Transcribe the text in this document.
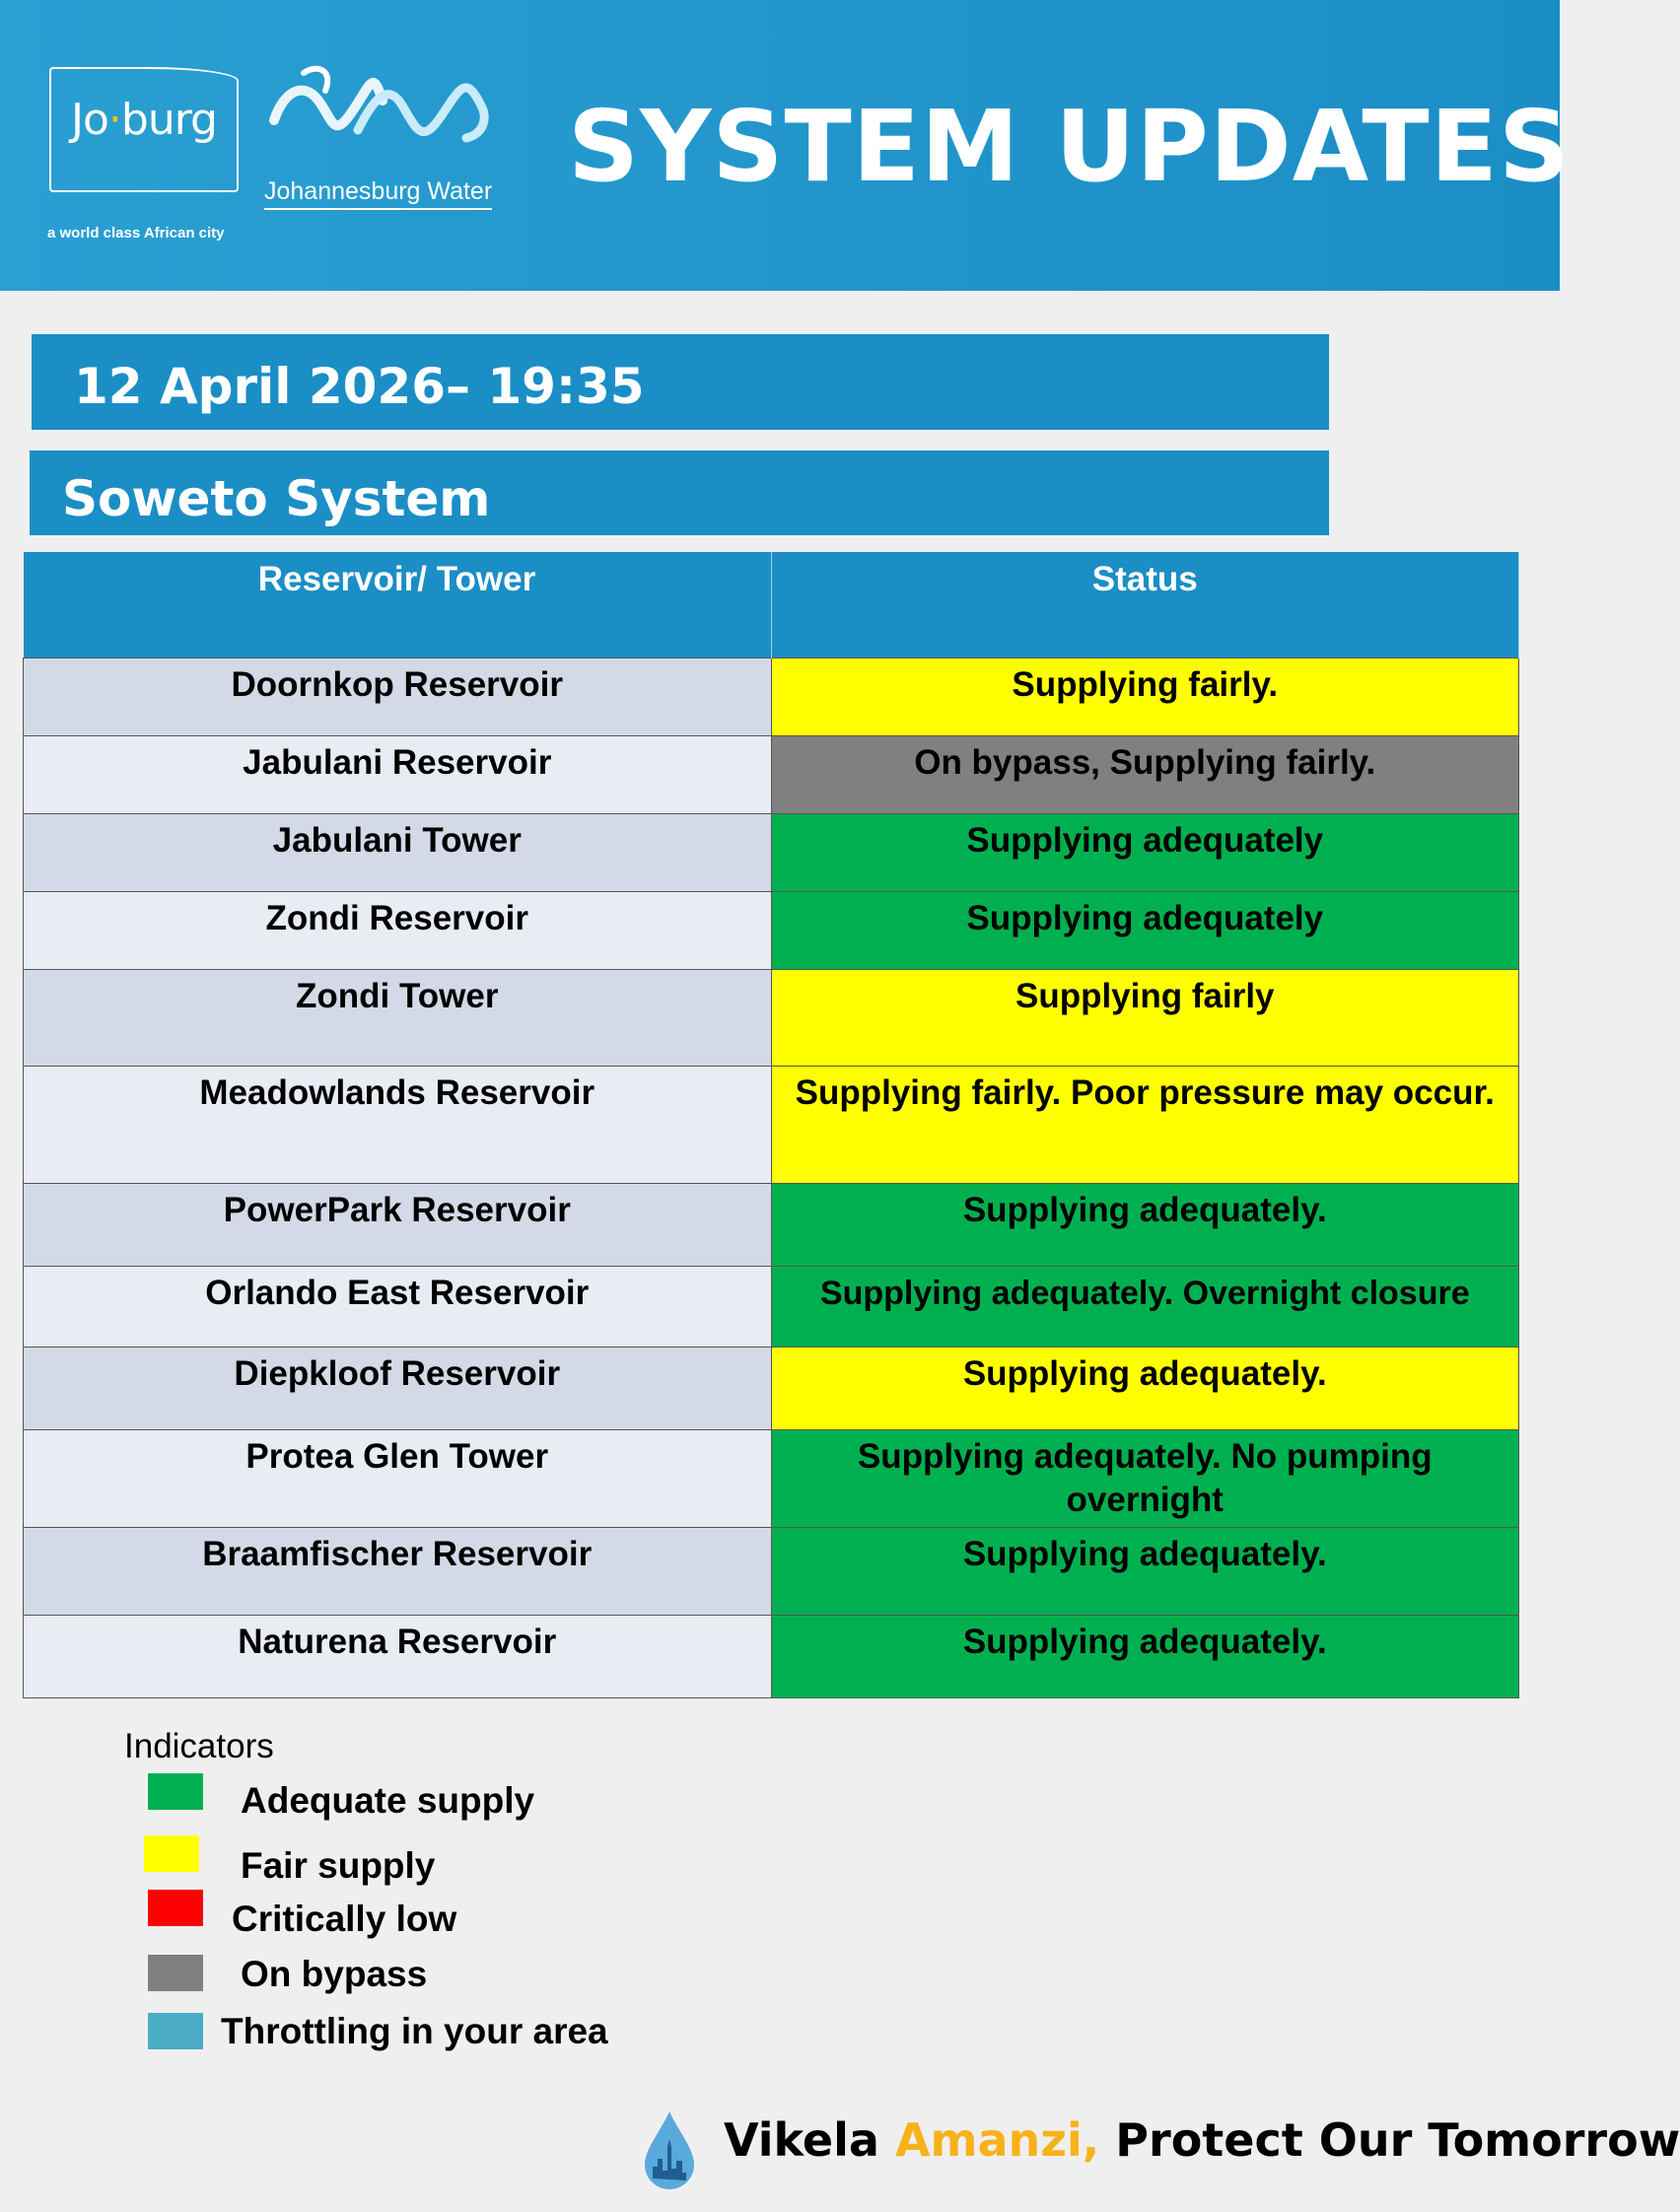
Jo·burg
a world class African city
Johannesburg Water SYSTEM UPDATES
12 April 2026– 19:35
Soweto System
Reservoir/ Tower	Status
Doornkop Reservoir	Supplying fairly.
Jabulani Reservoir	On bypass, Supplying fairly.
Jabulani Tower	Supplying adequately
Zondi Reservoir	Supplying adequately
Zondi Tower	Supplying fairly
Meadowlands Reservoir	Supplying fairly. Poor pressure may occur.
PowerPark Reservoir	Supplying adequately.
Orlando East Reservoir	Supplying adequately. Overnight closure
Diepkloof Reservoir	Supplying adequately.
Protea Glen Tower	Supplying adequately. No pumping overnight
Braamfischer Reservoir	Supplying adequately.
Naturena Reservoir	Supplying adequately.
Indicators
Adequate supply
Fair supply
Critically low
On bypass
Throttling in your area
Vikela Amanzi, Protect Our Tomorrow
